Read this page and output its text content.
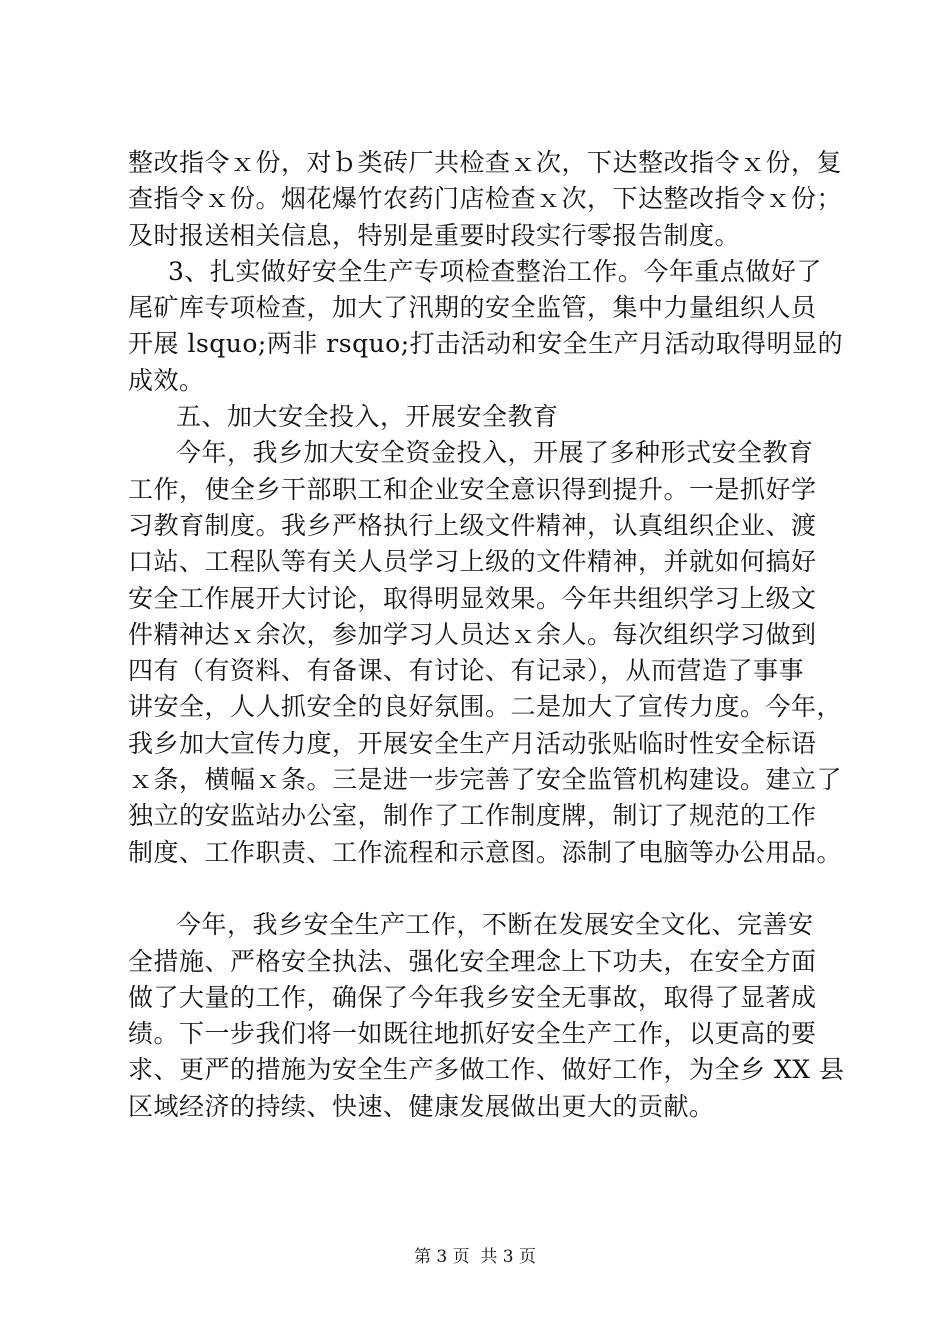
整改指令ｘ份，对ｂ类砖厂共检查ｘ次，下达整改指令ｘ份，复
查指令ｘ份。烟花爆竹农药门店检查ｘ次，下达整改指令ｘ份；
及时报送相关信息，特别是重要时段实行零报告制度。
3、扎实做好安全生产专项检查整治工作。今年重点做好了
尾矿库专项检查，加大了汛期的安全监管，集中力量组织人员
开展 lsquo;两非 rsquo;打击活动和安全生产月活动取得明显的
成效。
五、加大安全投入，开展安全教育
今年，我乡加大安全资金投入，开展了多种形式安全教育
工作，使全乡干部职工和企业安全意识得到提升。一是抓好学
习教育制度。我乡严格执行上级文件精神，认真组织企业、渡
口站、工程队等有关人员学习上级的文件精神，并就如何搞好
安全工作展开大讨论，取得明显效果。今年共组织学习上级文
件精神达ｘ余次，参加学习人员达ｘ余人。每次组织学习做到
四有（有资料、有备课、有讨论、有记录），从而营造了事事
讲安全，人人抓安全的良好氛围。二是加大了宣传力度。今年，
我乡加大宣传力度，开展安全生产月活动张贴临时性安全标语
ｘ条，横幅ｘ条。三是进一步完善了安全监管机构建设。建立了
独立的安监站办公室，制作了工作制度牌，制订了规范的工作
制度、工作职责、工作流程和示意图。添制了电脑等办公用品。
今年，我乡安全生产工作，不断在发展安全文化、完善安
全措施、严格安全执法、强化安全理念上下功夫，在安全方面
做了大量的工作，确保了今年我乡安全无事故，取得了显著成
绩。下一步我们将一如既往地抓好安全生产工作，以更高的要
求、更严的措施为安全生产多做工作、做好工作，为全乡 XX 县
区域经济的持续、快速、健康发展做出更大的贡献。
第 3 页  共 3 页
